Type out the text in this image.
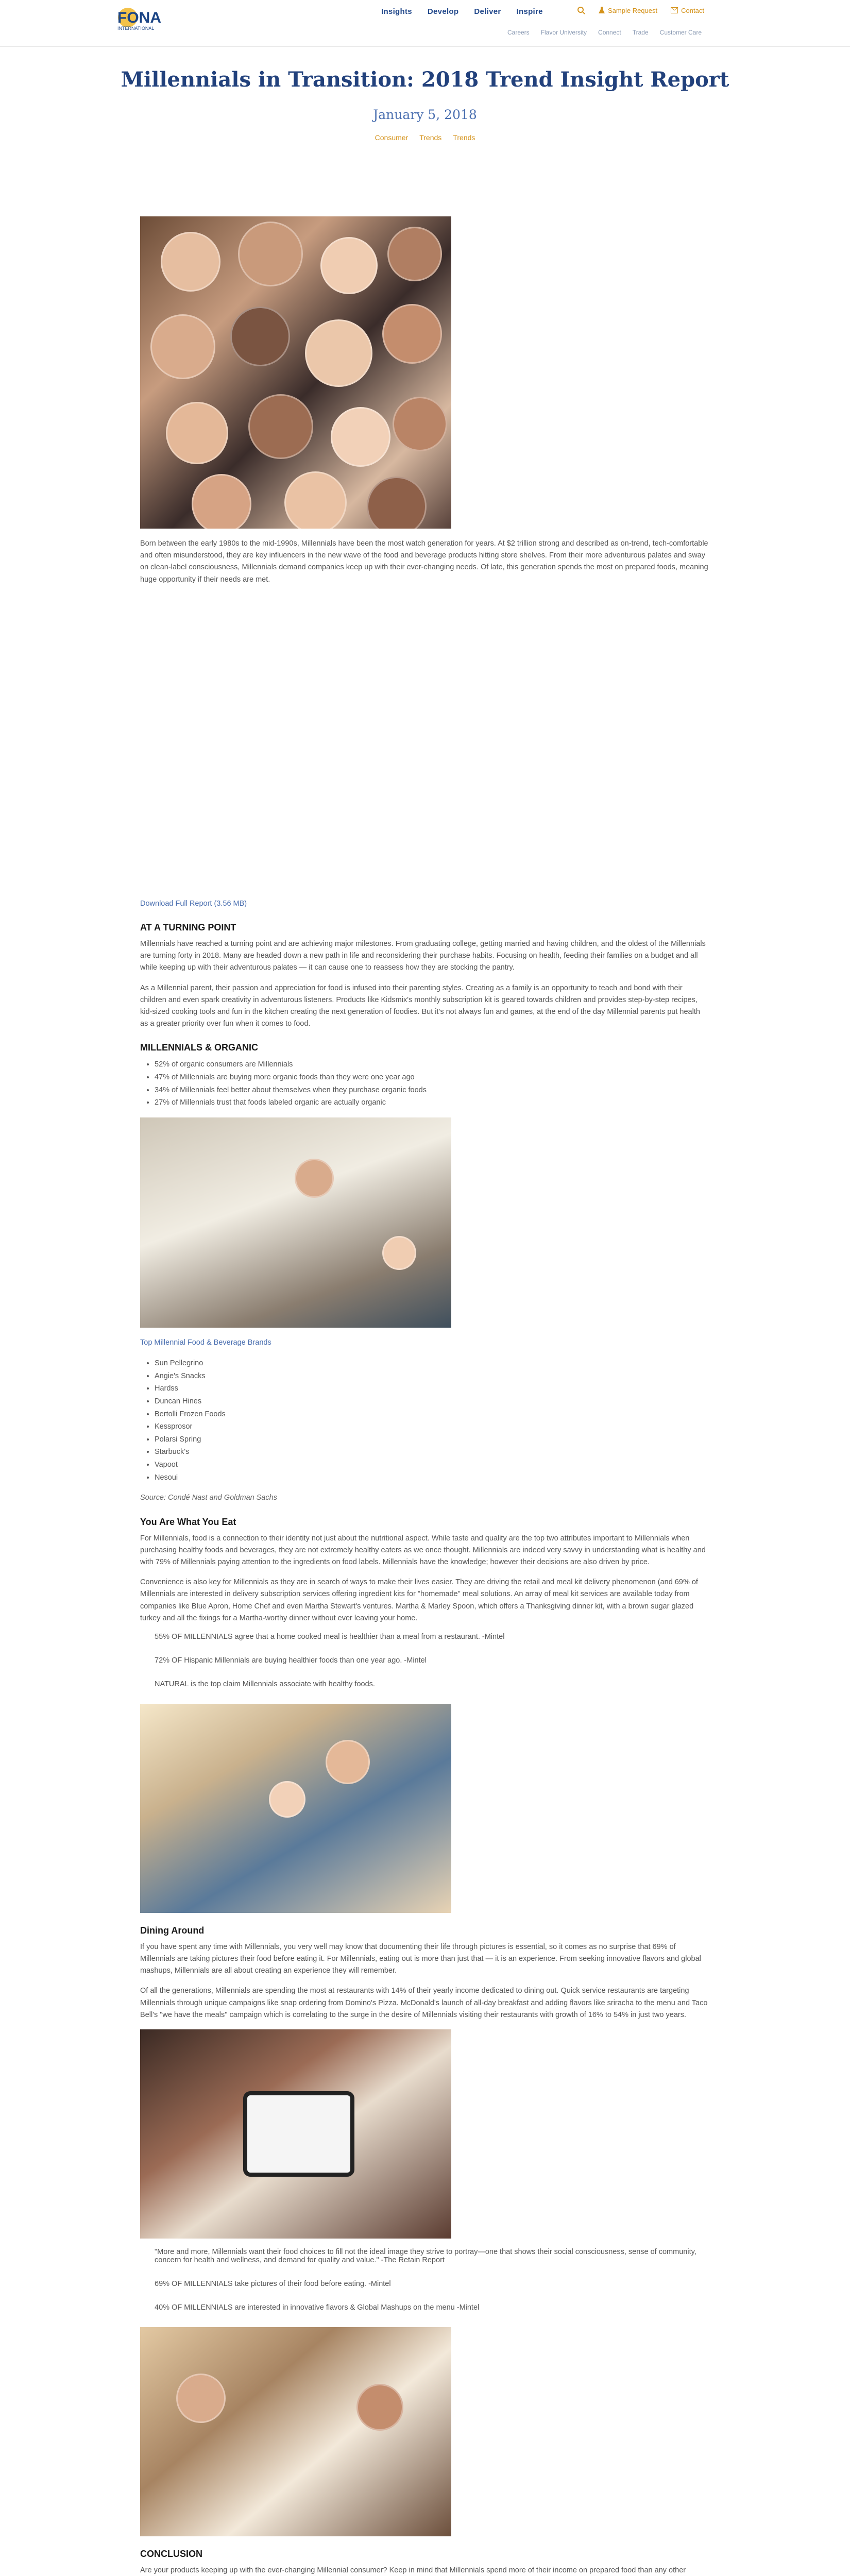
FONA
INTERNATIONAL
Insights Develop Deliver Inspire	Sample Request	Contact
Careers Flavor University Connect Trade Customer Care
Millennials in Transition: 2018 Trend Insight Report
January 5, 2018
Consumer Trends Trends

Born between the early 1980s to the mid-1990s, Millennials have been the most watch generation for years. At $2 trillion strong and described as on-trend, tech-comfortable and often misunderstood, they are key influencers in the new wave of the food and beverage products hitting store shelves. From their more adventurous palates and sway on clean-label consciousness, Millennials demand companies keep up with their ever-changing needs. Of late, this generation spends the most on prepared foods, meaning huge opportunity if their needs are met.

Download Full Report (3.56 MB)

AT A TURNING POINT

Millennials have reached a turning point and are achieving major milestones. From graduating college, getting married and having children, and the oldest of the Millennials are turning forty in 2018. Many are headed down a new path in life and reconsidering their purchase habits. Focusing on health, feeding their families on a budget and all while keeping up with their adventurous palates — it can cause one to reassess how they are stocking the pantry.

As a Millennial parent, their passion and appreciation for food is infused into their parenting styles. Creating as a family is an opportunity to teach and bond with their children and even spark creativity in adventurous listeners. Products like Kidsmix's monthly subscription kit is geared towards children and provides step-by-step recipes, kid-sized cooking tools and fun in the kitchen creating the next generation of foodies. But it's not always fun and games, at the end of the day Millennial parents put health as a greater priority over fun when it comes to food.

MILLENNIALS & ORGANIC
• 52% of organic consumers are Millennials
• 47% of Millennials are buying more organic foods than they were one year ago
• 34% of Millennials feel better about themselves when they purchase organic foods
• 27% of Millennials trust that foods labeled organic are actually organic

Top Millennial Food & Beverage Brands

• Sun Pellegrino
• Angie's Snacks
• Hardss
• Duncan Hines
• Bertolli Frozen Foods
• Kessprosor
• Polarsi Spring
• Starbuck's
• Vapoot
• Nesoui

Source: Condé Nast and Goldman Sachs

You Are What You Eat

For Millennials, food is a connection to their identity not just about the nutritional aspect. While taste and quality are the top two attributes important to Millennials when purchasing healthy foods and beverages, they are not extremely healthy eaters as we once thought. Millennials are indeed very savvy in understanding what is healthy and with 79% of Millennials paying attention to the ingredients on food labels. Millennials have the knowledge; however their decisions are also driven by price.

Convenience is also key for Millennials as they are in search of ways to make their lives easier. They are driving the retail and meal kit delivery phenomenon (and 69% of Millennials are interested in delivery subscription services offering ingredient kits for "homemade" meal solutions. An array of meal kit services are available today from companies like Blue Apron, Home Chef and even Martha Stewart's ventures. Martha & Marley Spoon, which offers a Thanksgiving dinner kit, with a brown sugar glazed turkey and all the fixings for a Martha-worthy dinner without ever leaving your home.

55% OF MILLENNIALS agree that a home cooked meal is healthier than a meal from a restaurant. -Mintel
72% OF Hispanic Millennials are buying healthier foods than one year ago. -Mintel
NATURAL is the top claim Millennials associate with healthy foods.
Dining Around

If you have spent any time with Millennials, you very well may know that documenting their life through pictures is essential, so it comes as no surprise that 69% of Millennials are taking pictures their food before eating it. For Millennials, eating out is more than just that — it is an experience. From seeking innovative flavors and global mashups, Millennials are all about creating an experience they will remember.

Of all the generations, Millennials are spending the most at restaurants with 14% of their yearly income dedicated to dining out. Quick service restaurants are targeting Millennials through unique campaigns like snap ordering from Domino's Pizza. McDonald's launch of all-day breakfast and adding flavors like sriracha to the menu and Taco Bell's "we have the meals" campaign which is correlating to the surge in the desire of Millennials visiting their restaurants with growth of 16% to 54% in just two years.

"More and more, Millennials want their food choices to fill not the ideal image they strive to portray—one that shows their social consciousness, sense of community, concern for health and wellness, and demand for quality and value." -The Retain Report
69% OF MILLENNIALS take pictures of their food before eating. -Mintel
40% OF MILLENNIALS are interested in innovative flavors & Global Mashups on the menu -Mintel
CONCLUSION

Are your products keeping up with the ever-changing Millennial consumer? Keep in mind that Millennials spend more of their income on prepared food than any other
